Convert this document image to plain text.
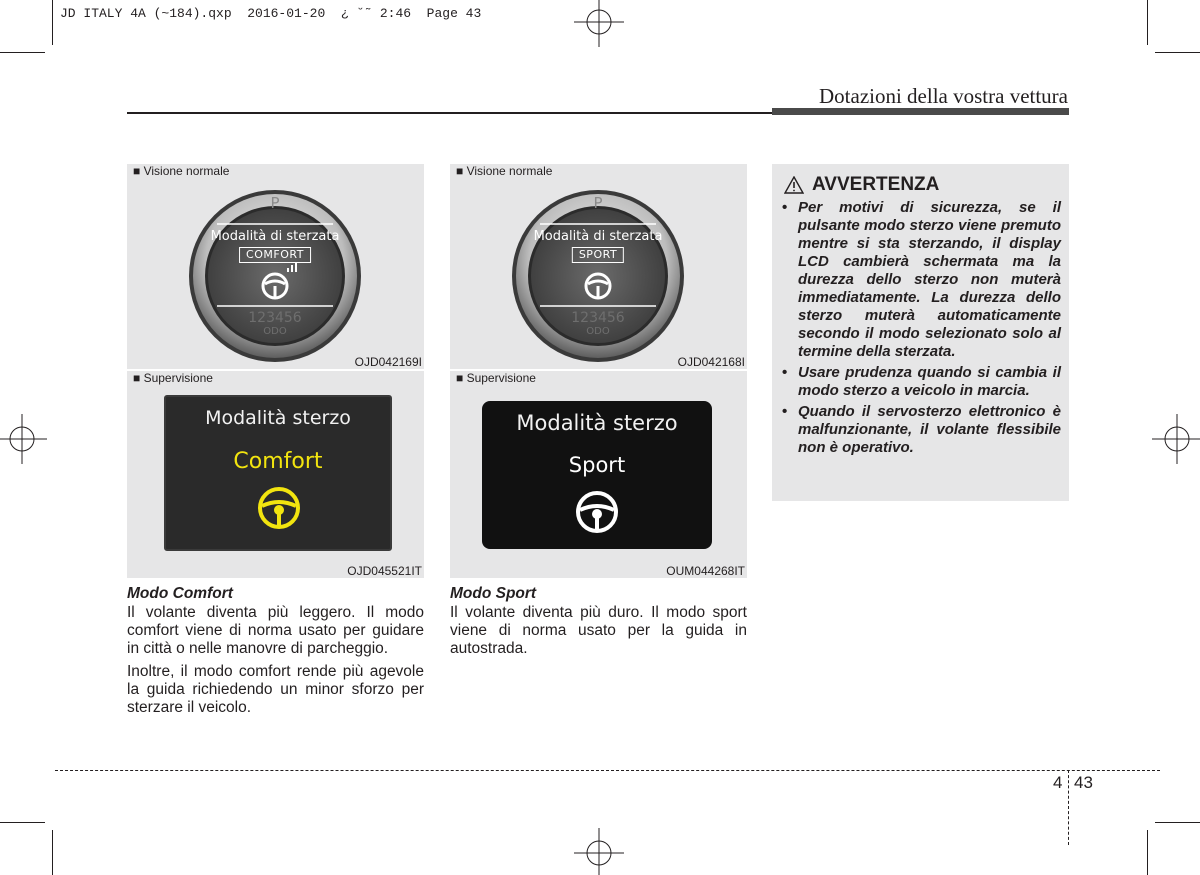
JD ITALY 4A (~184).qxp  2016-01-20  ¿ ˘˜ 2:46  Page 43
Dotazioni della vostra vettura
■ Visione normale
P
Modalità di sterzata
COMFORT
123456
ODO
OJD042169I
■ Visione normale
P
Modalità di sterzata
SPORT
123456
ODO
OJD042168I
■ Supervisione
Modalità sterzo
Comfort
OJD045521IT
■ Supervisione
Modalità sterzo
Sport
OUM044268IT
Modo Comfort

Il volante diventa più leggero. Il modo comfort viene di norma usato per guidare in città o nelle manovre di parcheggio.

Inoltre, il modo comfort rende più agevole la guida richiedendo un minor sforzo per sterzare il veicolo.

Modo Sport

Il volante diventa più duro. Il modo sport viene di norma usato per la guida in autostrada.

AVVERTENZA
• Per motivi di sicurezza, se il pulsante modo sterzo viene premuto mentre si sta sterzando, il display LCD cambierà schermata ma la durezza dello sterzo non muterà immediatamente. La durezza dello sterzo muterà automaticamente secondo il modo selezionato solo al termine della sterzata.
• Usare prudenza quando si cambia il modo sterzo a veicolo in marcia.
• Quando il servosterzo elettronico è malfunzionante, il volante flessibile non è operativo.
4 43
